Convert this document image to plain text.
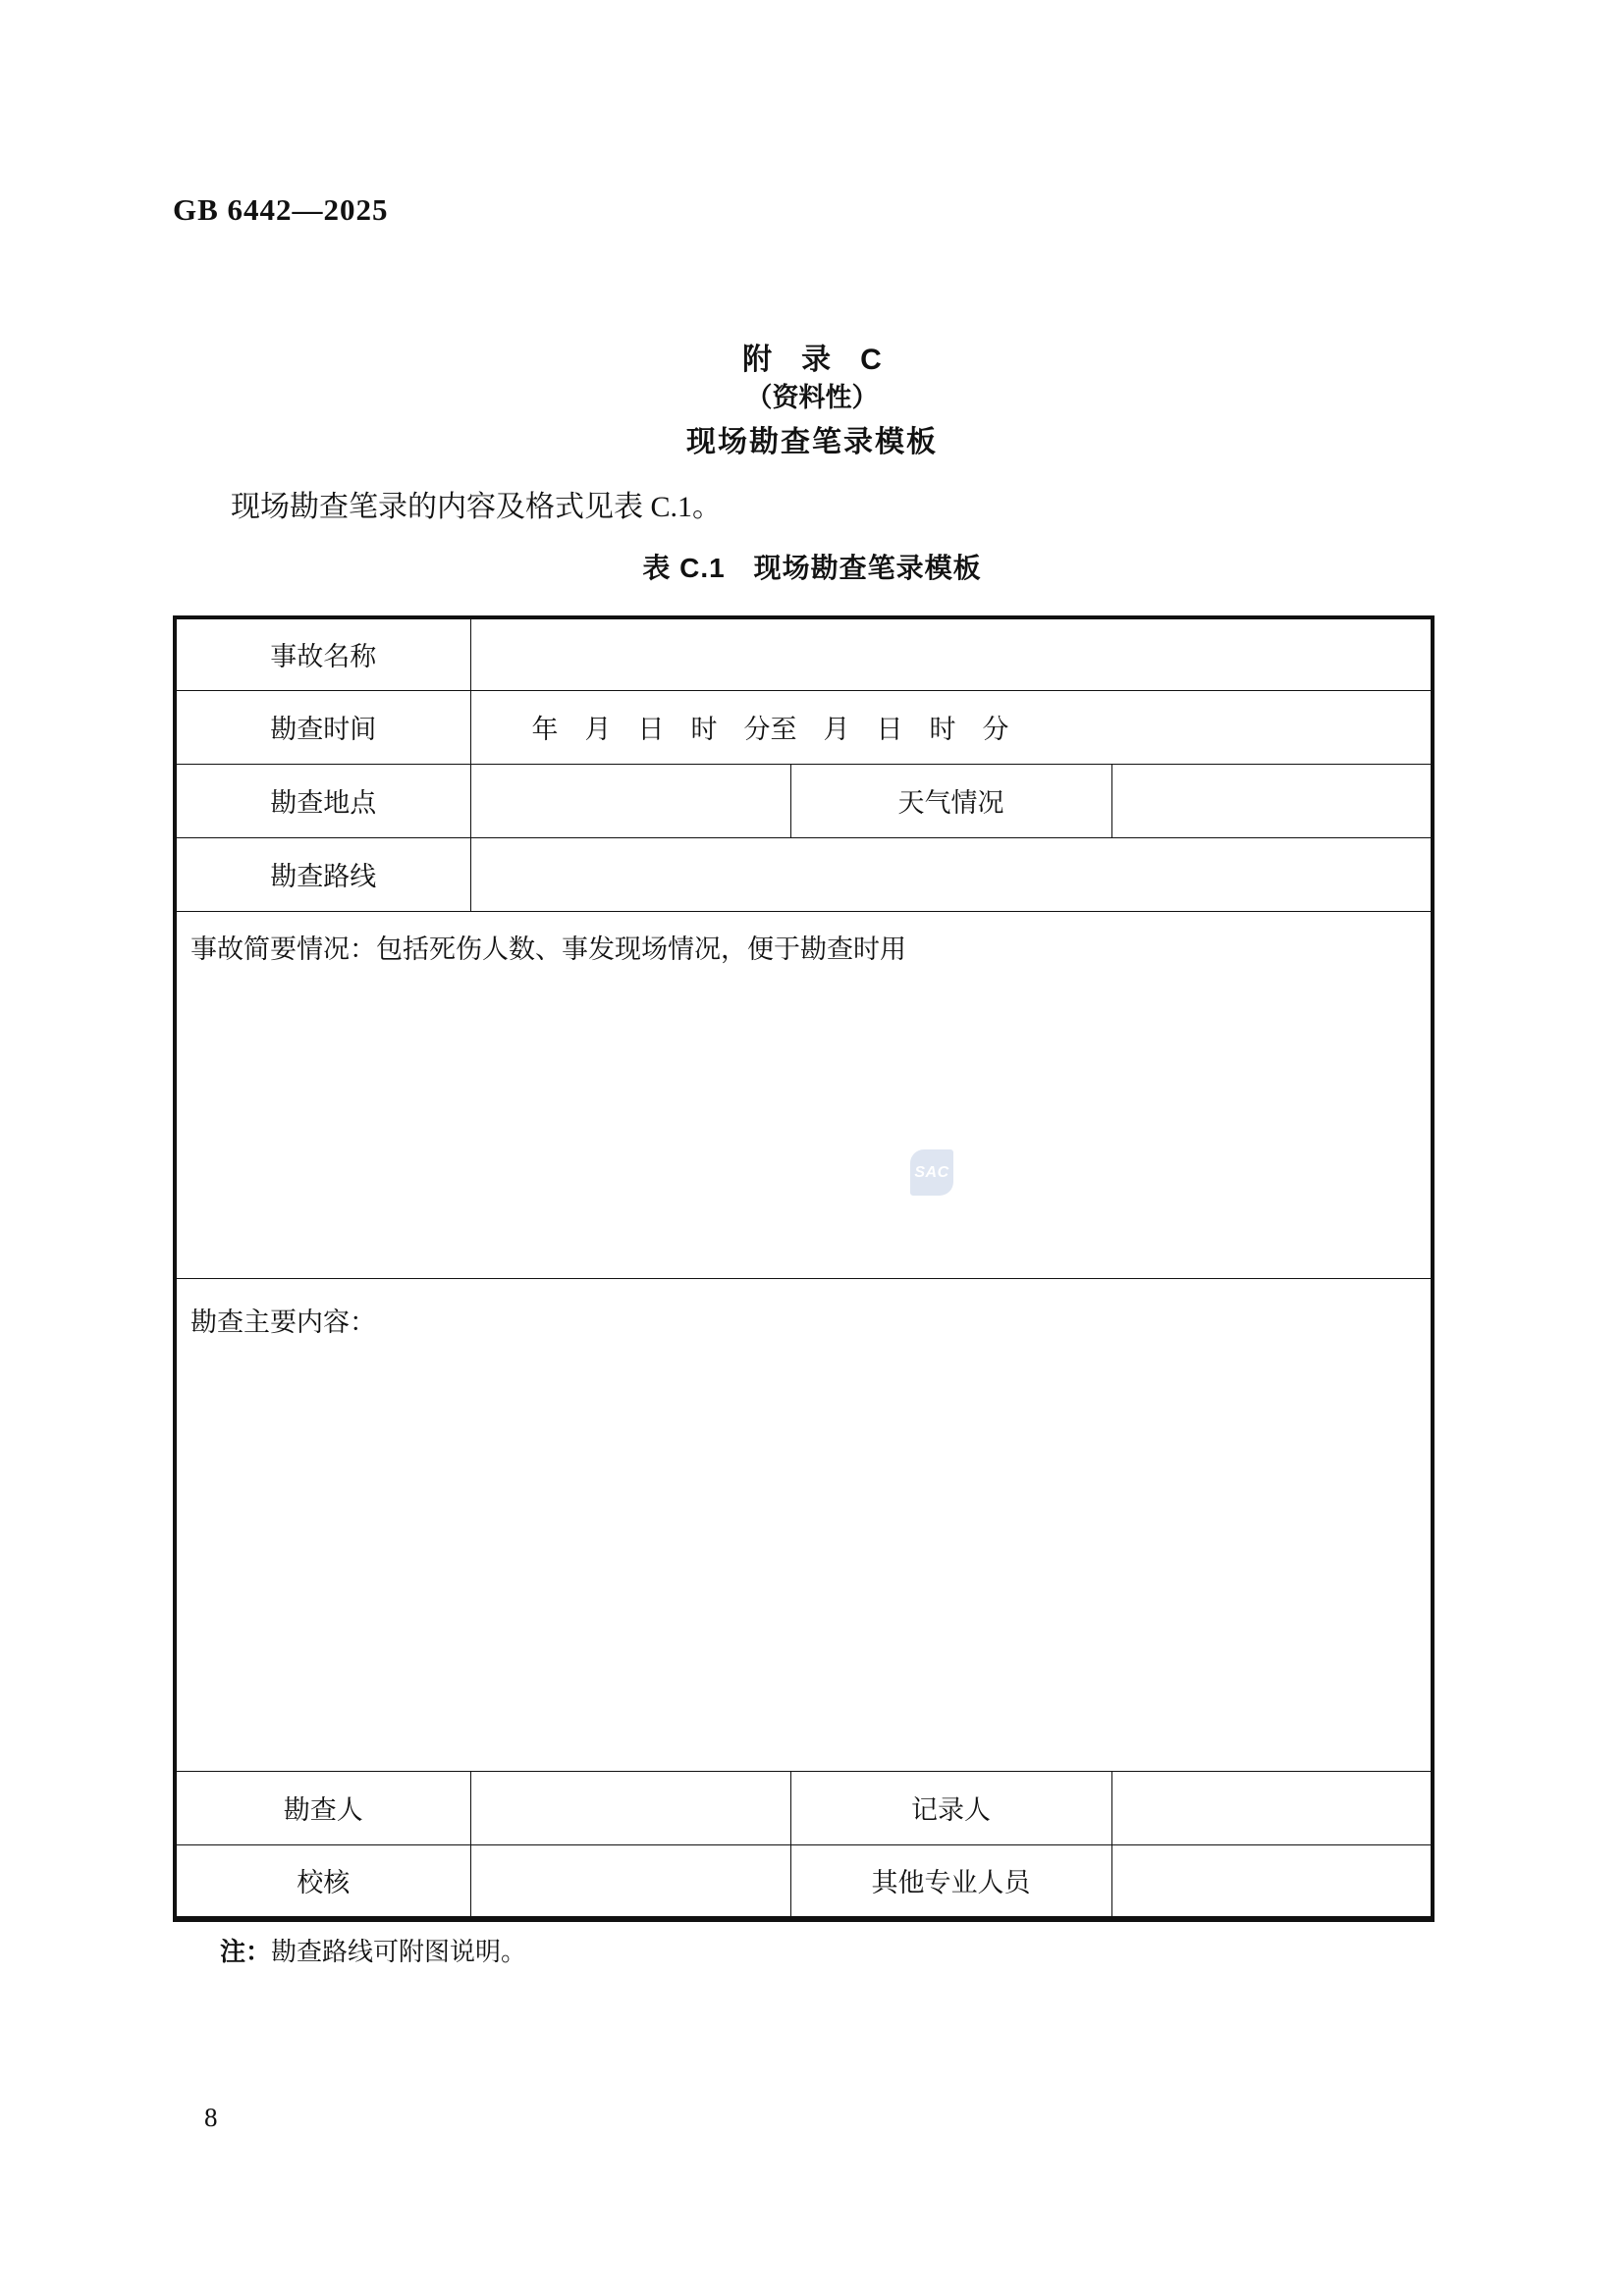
GB 6442—2025
附　录　C
（资料性）
现场勘查笔录模板
现场勘查笔录的内容及格式见表 C.1。
表 C.1　现场勘查笔录模板
事故名称			
勘查时间	年　月　日　时　分至　月　日　时　分		
勘查地点		天气情况	
勘查路线			
事故简要情况：包括死伤人数、事发现场情况，便于勘查时用			
勘查主要内容：			
勘查人		记录人	
校核		其他专业人员	
SAC
注：勘查路线可附图说明。
8
